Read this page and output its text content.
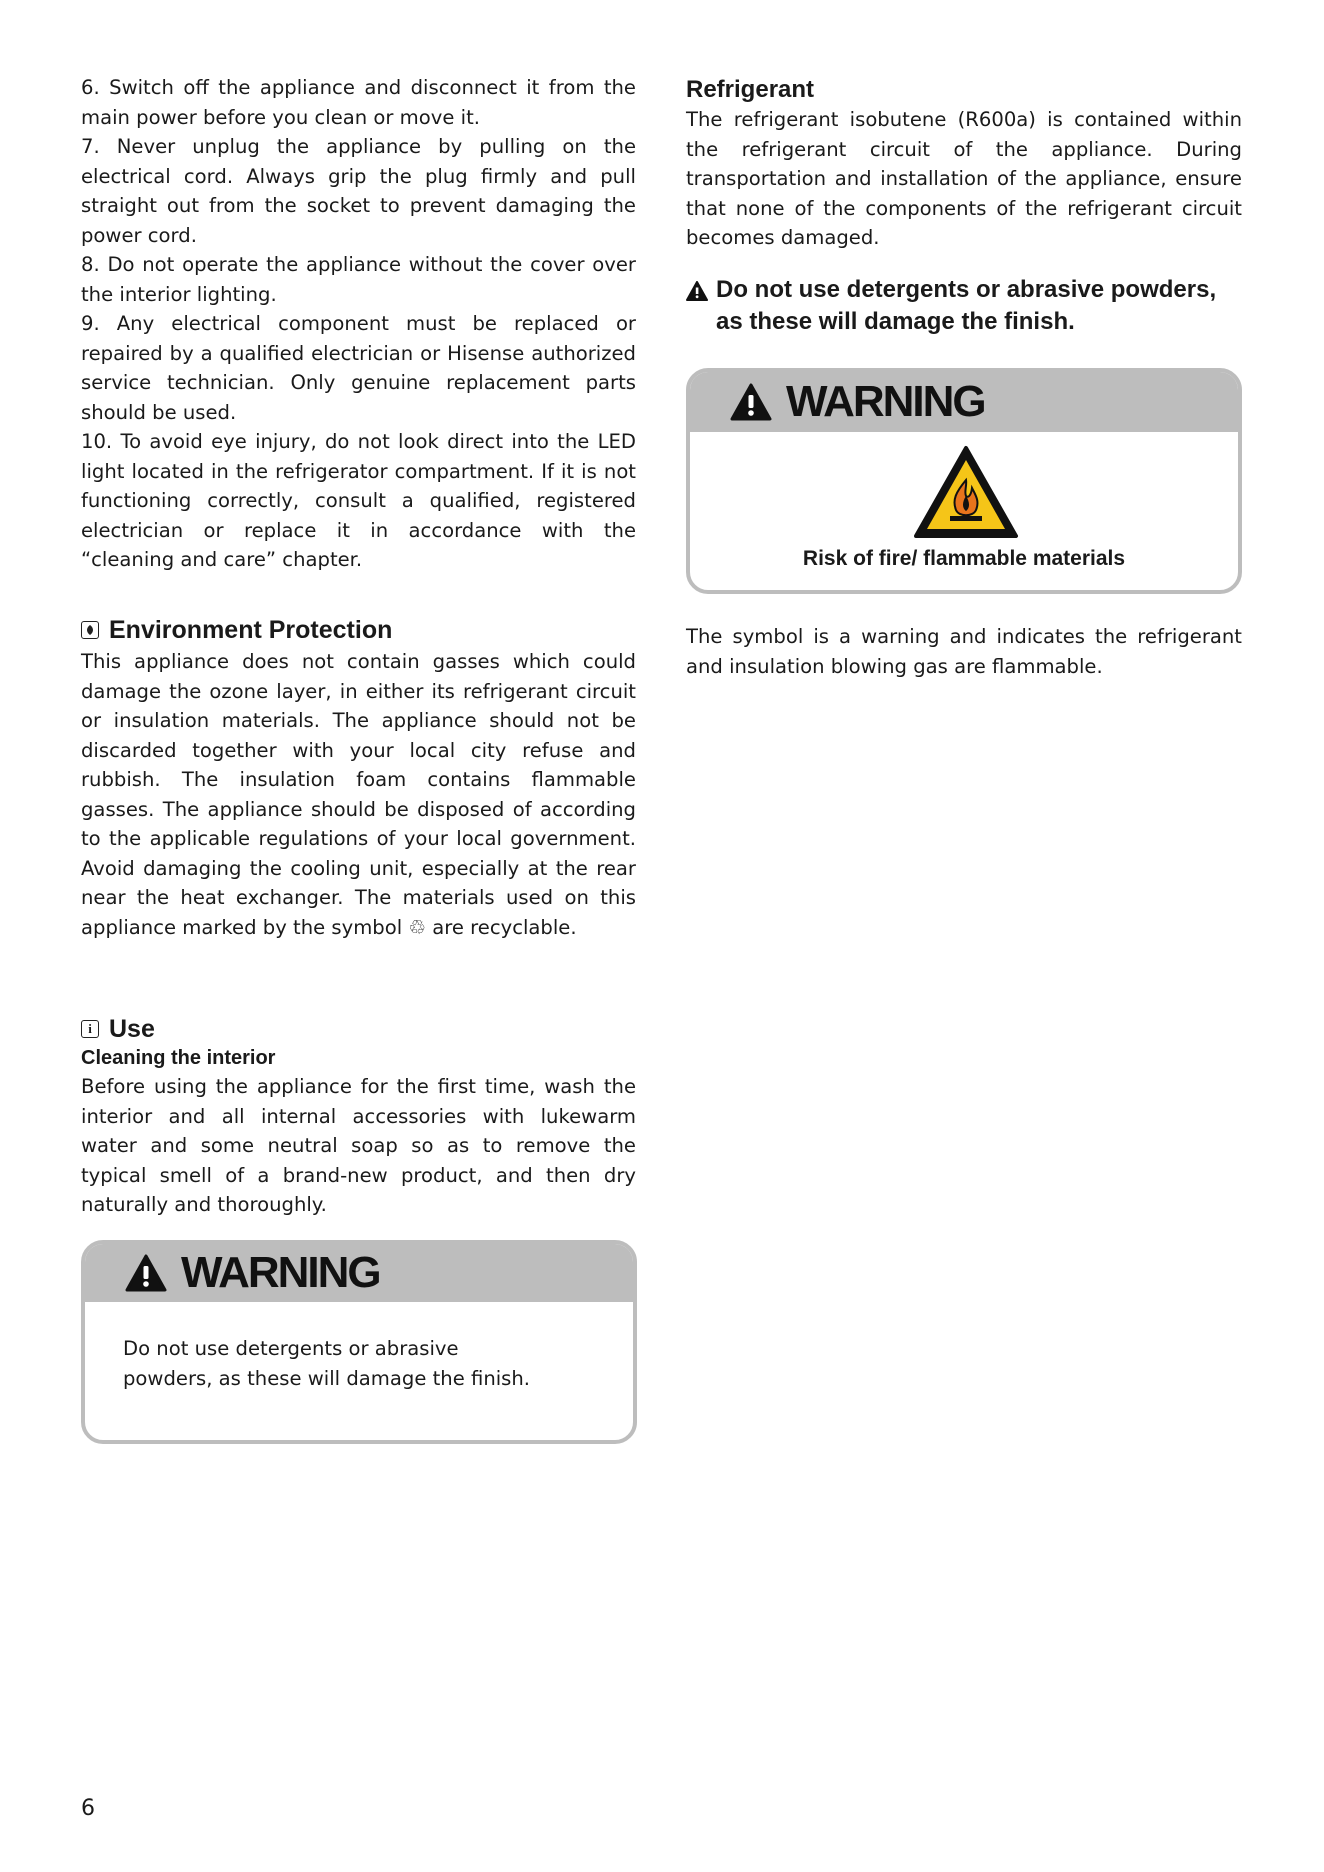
6. Switch off the appliance and disconnect it from the main power before you clean or move it.

7. Never unplug the appliance by pulling on the electrical cord. Always grip the plug firmly and pull straight out from the socket to prevent damaging the power cord.

8. Do not operate the appliance without the cover over the interior lighting.

9. Any electrical component must be replaced or repaired by a qualified electrician or Hisense authorized service technician. Only genuine replacement parts should be used.

10. To avoid eye injury, do not look direct into the LED light located in the refrigerator compartment. If it is not functioning correctly, consult a qualified, registered electrician or replace it in accordance with the “cleaning and care” chapter.

Environment Protection

This appliance does not contain gasses which could damage the ozone layer, in either its refrigerant circuit or insulation materials. The appliance should not be discarded together with your local city refuse and rubbish. The insulation foam contains flammable gasses. The appliance should be disposed of according to the applicable regulations of your local government. Avoid damaging the cooling unit, especially at the rear near the heat exchanger. The materials used on this appliance marked by the symbol ♲ are recyclable.

i Use
Cleaning the interior

Before using the appliance for the first time, wash the interior and all internal accessories with lukewarm water and some neutral soap so as to remove the typical smell of a brand-new product, and then dry naturally and thoroughly.

WARNING

Do not use detergents or abrasive powders, as these will damage the finish.

Refrigerant

The refrigerant isobutene (R600a) is contained within the refrigerant circuit of the appliance. During transportation and installation of the appliance, ensure that none of the components of the refrigerant circuit becomes damaged.

Do not use detergents or abrasive powders, as these will damage the finish.

WARNING

Risk of fire/ flammable materials

The symbol is a warning and indicates the refrigerant and insulation blowing gas are flammable.

6
